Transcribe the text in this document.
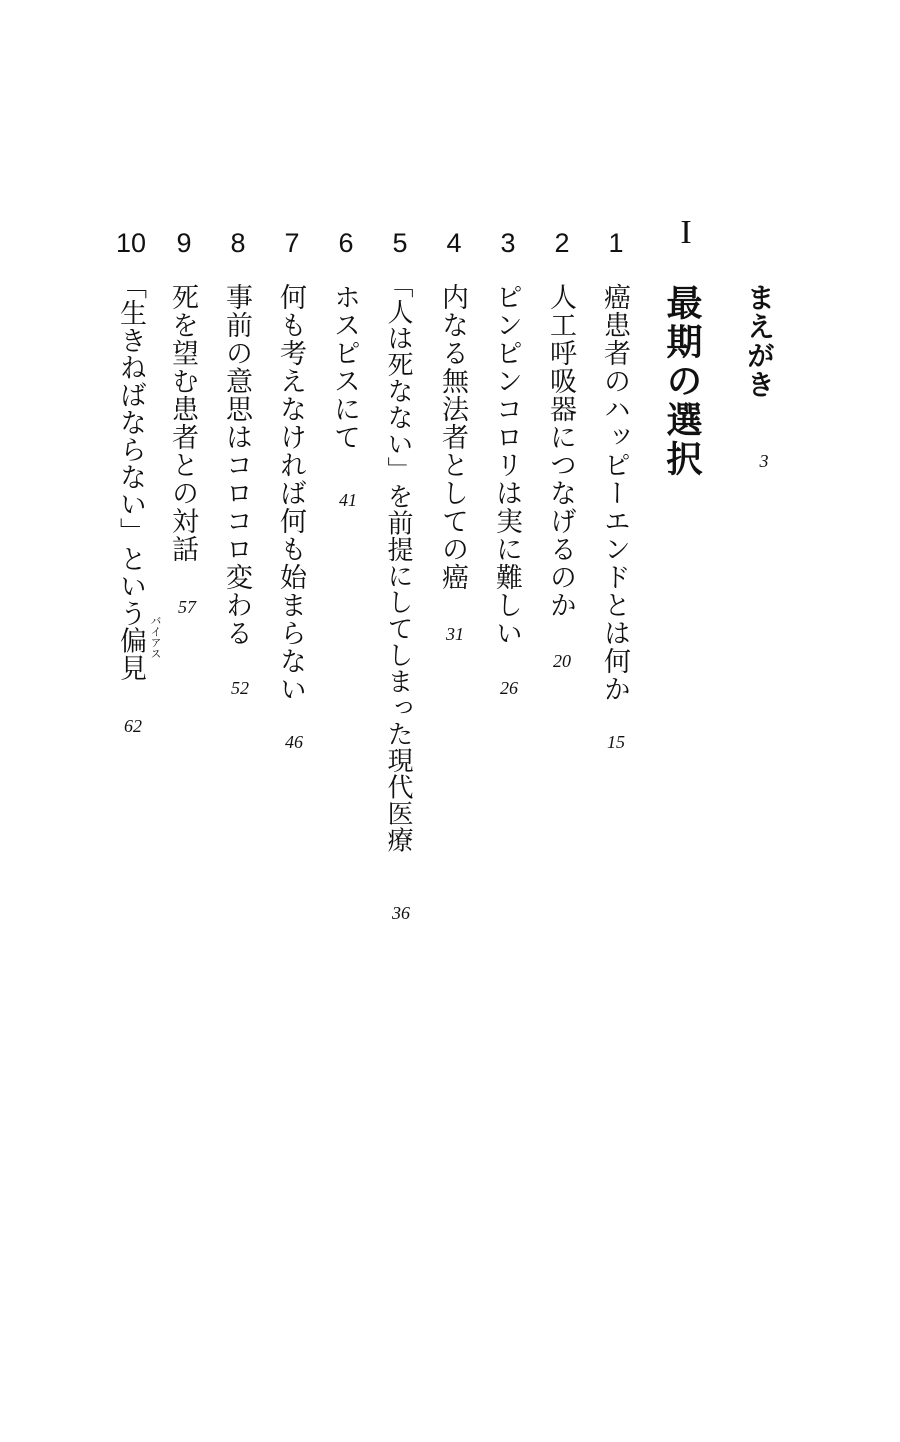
まえがき
3
I
最期の選択
1
癌患者のハッピーエンドとは何か
15
2
人工呼吸器につなげるのか
20
3
ピンピンコロリは実に難しい
26
4
内なる無法者としての癌
31
5
「人は死なない」を前提にしてしまった現代医療
36
6
ホスピスにて
41
7
何も考えなければ何も始まらない
46
8
事前の意思はコロコロ変わる
52
9
死を望む患者との対話
57
10
「生きねばならない」という偏見 バイアス
62
